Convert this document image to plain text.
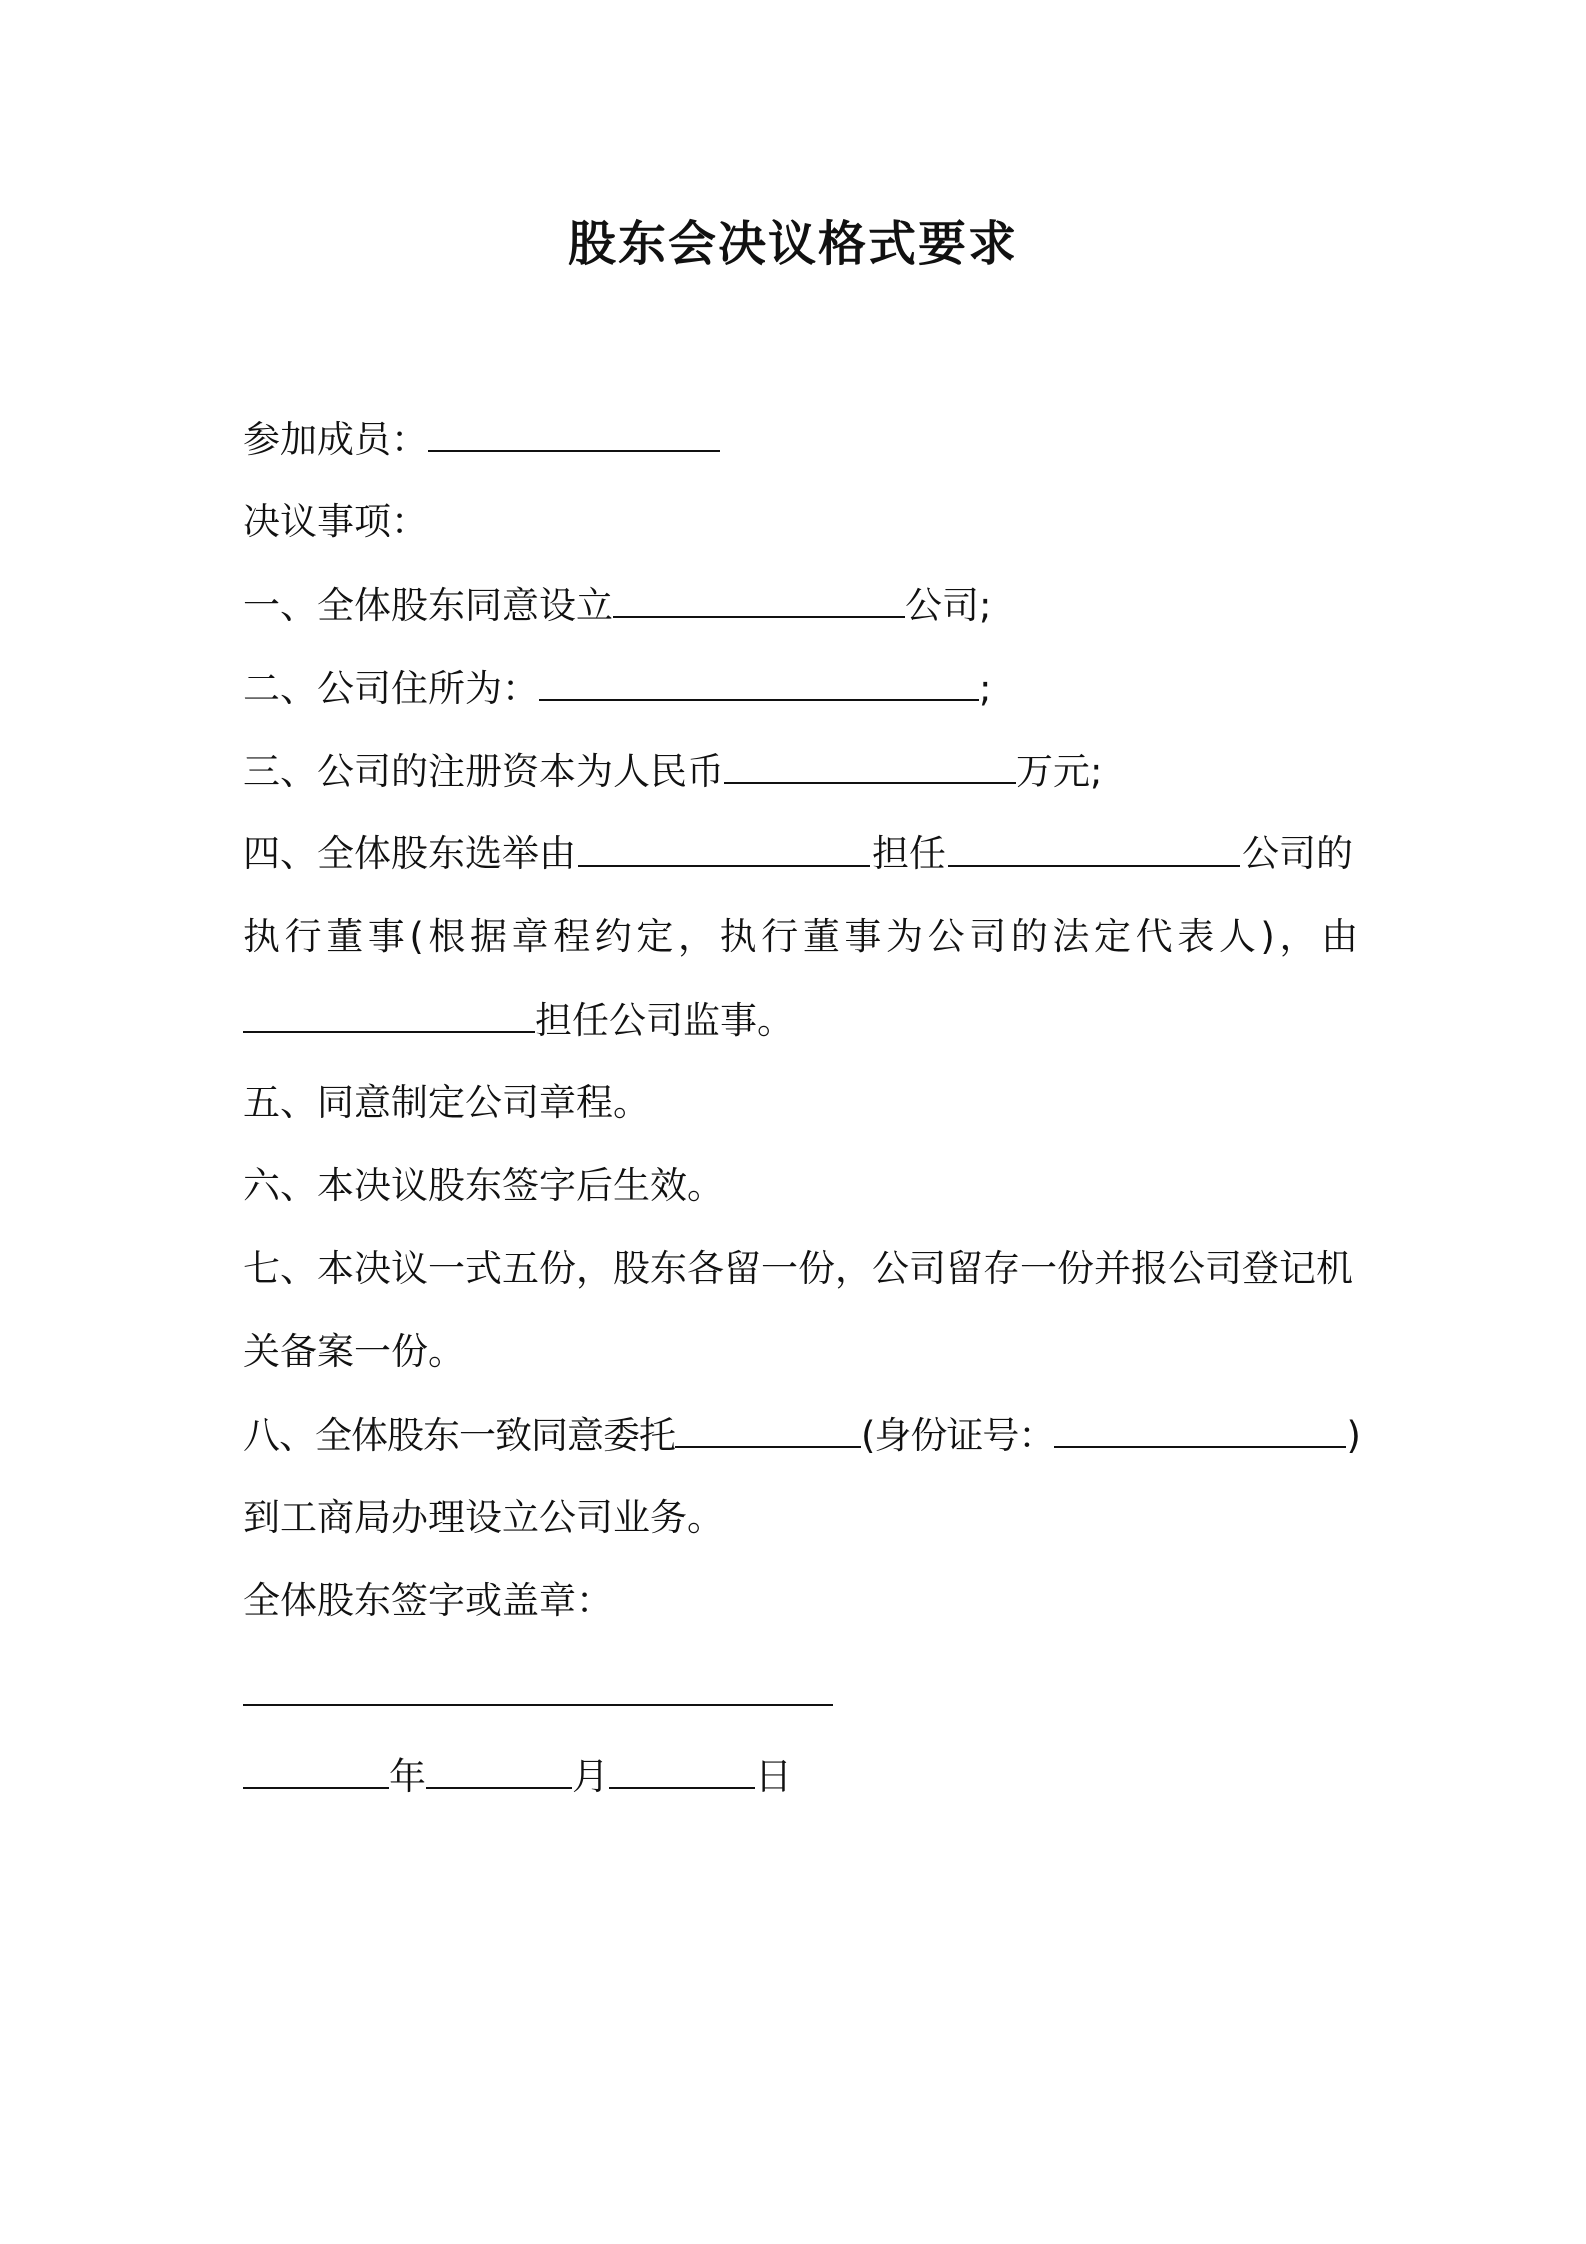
股东会决议格式要求
参加成员：
决议事项：
一、全体股东同意设立	公司;
二、公司住所为：	;
三、公司的注册资本为人民币	万元;
四、全体股东选举由	担任	公司的
执行董事(根据章程约定，执行董事为公司的法定代表人)，由
担任公司监事。
五、同意制定公司章程。
六、本决议股东签字后生效。
七、本决议一式五份，股东各留一份，公司留存一份并报公司登记机
关备案一份。
八、全体股东一致同意委托	(身份证号：	)
到工商局办理设立公司业务。
全体股东签字或盖章：
年	月	日
